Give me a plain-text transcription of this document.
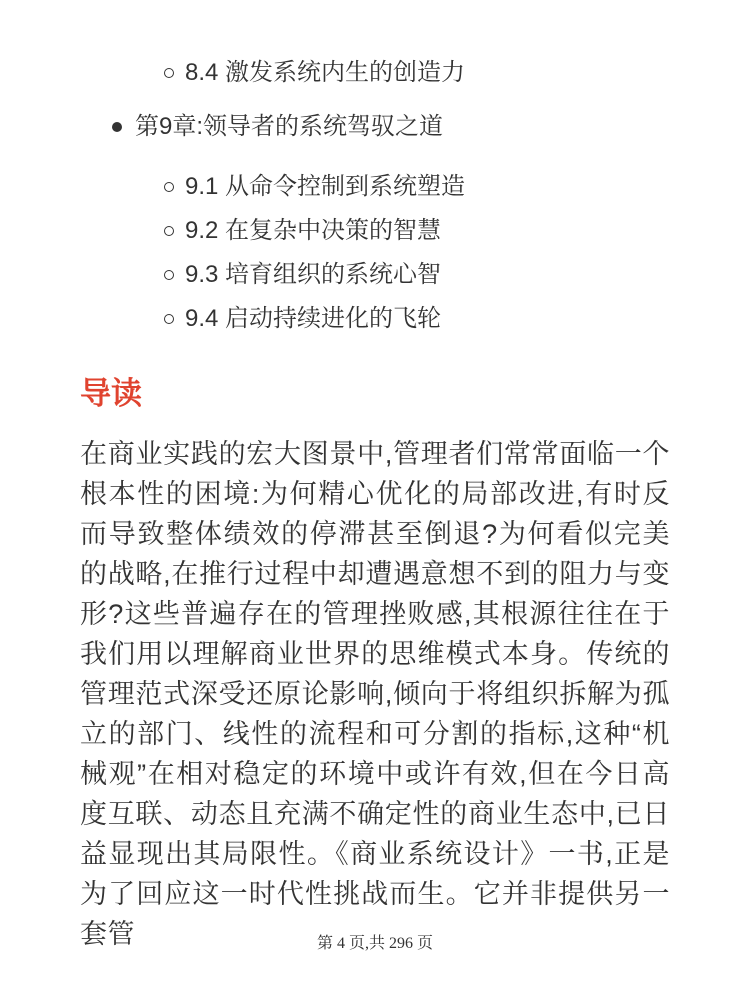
8.4 激发系统内生的创造力
第9章:领导者的系统驾驭之道
9.1 从命令控制到系统塑造
9.2 在复杂中决策的智慧
9.3 培育组织的系统心智
9.4 启动持续进化的飞轮
导读

在商业实践的宏大图景中,管理者们常常面临一个根本性的困境:为何精心优化的局部改进,有时反而导致整体绩效的停滞甚至倒退?为何看似完美的战略,在推行过程中却遭遇意想不到的阻力与变形?这些普遍存在的管理挫败感,其根源往往在于我们用以理解商业世界的思维模式本身。传统的管理范式深受还原论影响,倾向于将组织拆解为孤立的部门、线性的流程和可分割的指标,这种“机械观”在相对稳定的环境中或许有效,但在今日高度互联、动态且充满不确定性的商业生态中,已日益显现出其局限性。《商业系统设计》一书,正是为了回应这一时代性挑战而生。它并非提供另一套管	第 4 页,共 296 页
